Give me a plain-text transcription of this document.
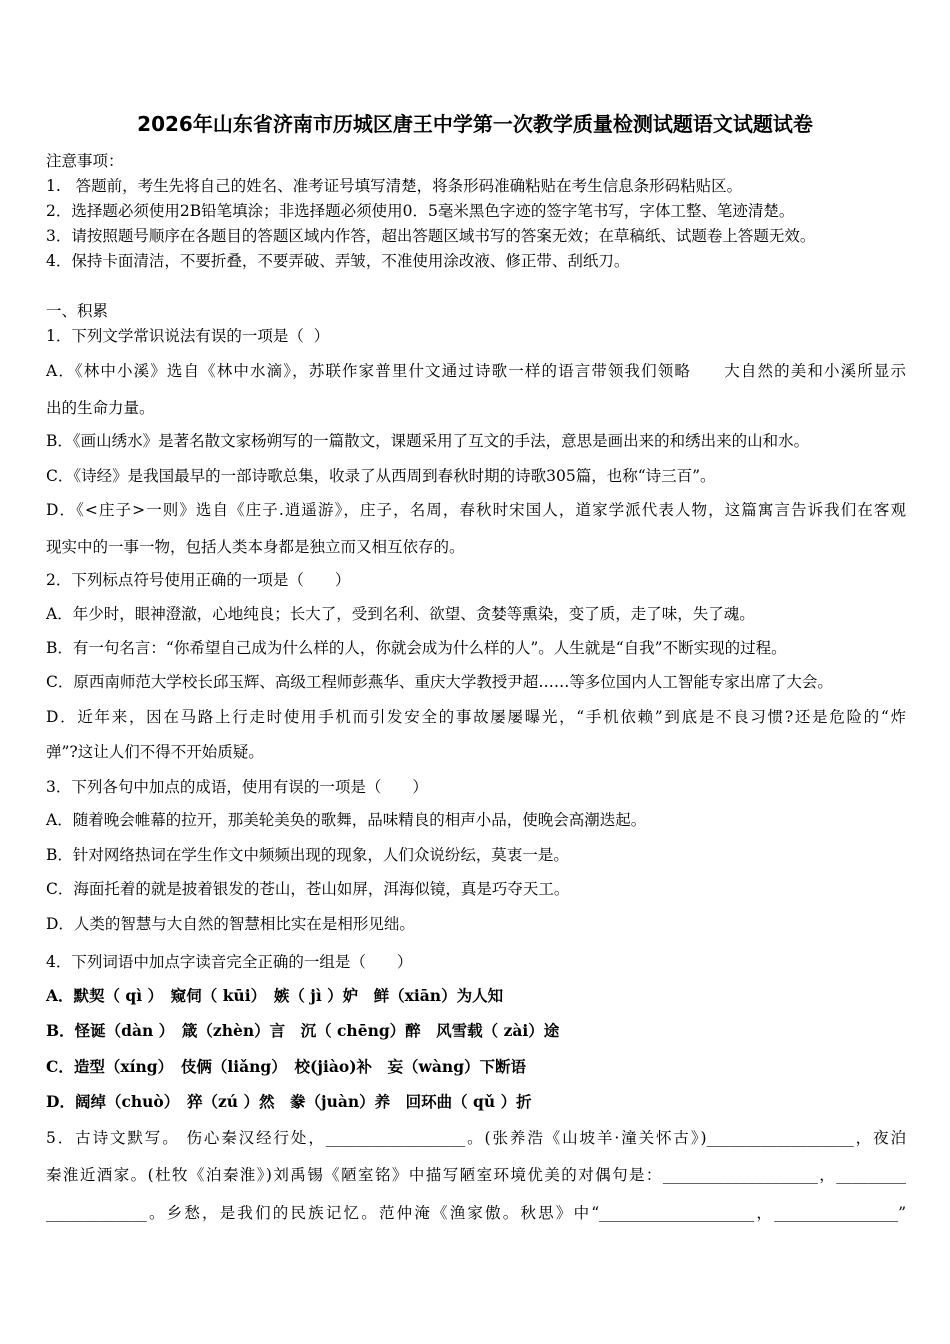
2026年山东省济南市历城区唐王中学第一次教学质量检测试题语文试题试卷
注意事项：
1.   答题前，考生先将自己的姓名、准考证号填写清楚，将条形码准确粘贴在考生信息条形码粘贴区。
2．选择题必须使用2B铅笔填涂；非选择题必须使用0．5毫米黑色字迹的签字笔书写，字体工整、笔迹清楚。
3．请按照题号顺序在各题目的答题区域内作答，超出答题区域书写的答案无效；在草稿纸、试题卷上答题无效。
4．保持卡面清洁，不要折叠，不要弄破、弄皱，不准使用涂改液、修正带、刮纸刀。
一、积累
1．下列文学常识说法有误的一项是（  ）
A．《林中小溪》选自《林中水滴》，苏联作家普里什文通过诗歌一样的语言带领我们领略　　大自然的美和小溪所显示
出的生命力量。
B．《画山绣水》是著名散文家杨朔写的一篇散文，课题采用了互文的手法，意思是画出来的和绣出来的山和水。
C．《诗经》是我国最早的一部诗歌总集，收录了从西周到春秋时期的诗歌305篇，也称“诗三百”。
D．《<庄子>一则》选自《庄子.逍遥游》，庄子，名周，春秋时宋国人，道家学派代表人物，这篇寓言告诉我们在客观
现实中的一事一物，包括人类本身都是独立而又相互依存的。
2．下列标点符号使用正确的一项是（　　）
A．年少时，眼神澄澈，心地纯良；长大了，受到名利、欲望、贪婪等熏染，变了质，走了味，失了魂。
B．有一句名言：“你希望自己成为什么样的人，你就会成为什么样的人”。人生就是“自我”不断实现的过程。
C．原西南师范大学校长邱玉辉、高级工程师彭燕华、重庆大学教授尹超……等多位国内人工智能专家出席了大会。
D．近年来，因在马路上行走时使用手机而引发安全的事故屡屡曝光，“手机依赖”到底是不良习惯?还是危险的“炸
弹”?这让人们不得不开始质疑。
3．下列各句中加点的成语，使用有误的一项是（　　）
A．随着晚会帷幕的拉开，那美轮美奂的歌舞，品味精良的相声小品，使晚会高潮迭起。
B．针对网络热词在学生作文中频频出现的现象，人们众说纷纭，莫衷一是。
C．海面托着的就是披着银发的苍山，苍山如屏，洱海似镜，真是巧夺天工。
D．人类的智慧与大自然的智慧相比实在是相形见绌。
4．下列词语中加点字读音完全正确的一组是（　　）
A．默契（ qì ）　窥伺（ kūi）　嫉（ jì ）妒　鲜（xiān）为人知
B．怪诞（dàn ）　箴（zhèn）言　沉（ chēng）醉　风雪载（ zài）途
C．造型（xíng）　伎俩（liǎng）　校(jiào)补　妄（wàng）下断语
D．阔绰（chuò）　猝（zú ）然　豢（juàn）养　回环曲（ qǔ ）折
5．古诗文默写。 伤心秦汉经行处，__________________。(张养浩《山坡羊·潼关怀古》)___________________，夜泊
秦淮近酒家。(杜牧《泊秦淮》)刘禹锡《陋室铭》中描写陋室环境优美的对偶句是：____________________，_________
_____________。乡愁，是我们的民族记忆。范仲淹《渔家傲。秋思》中“____________________，________________”
